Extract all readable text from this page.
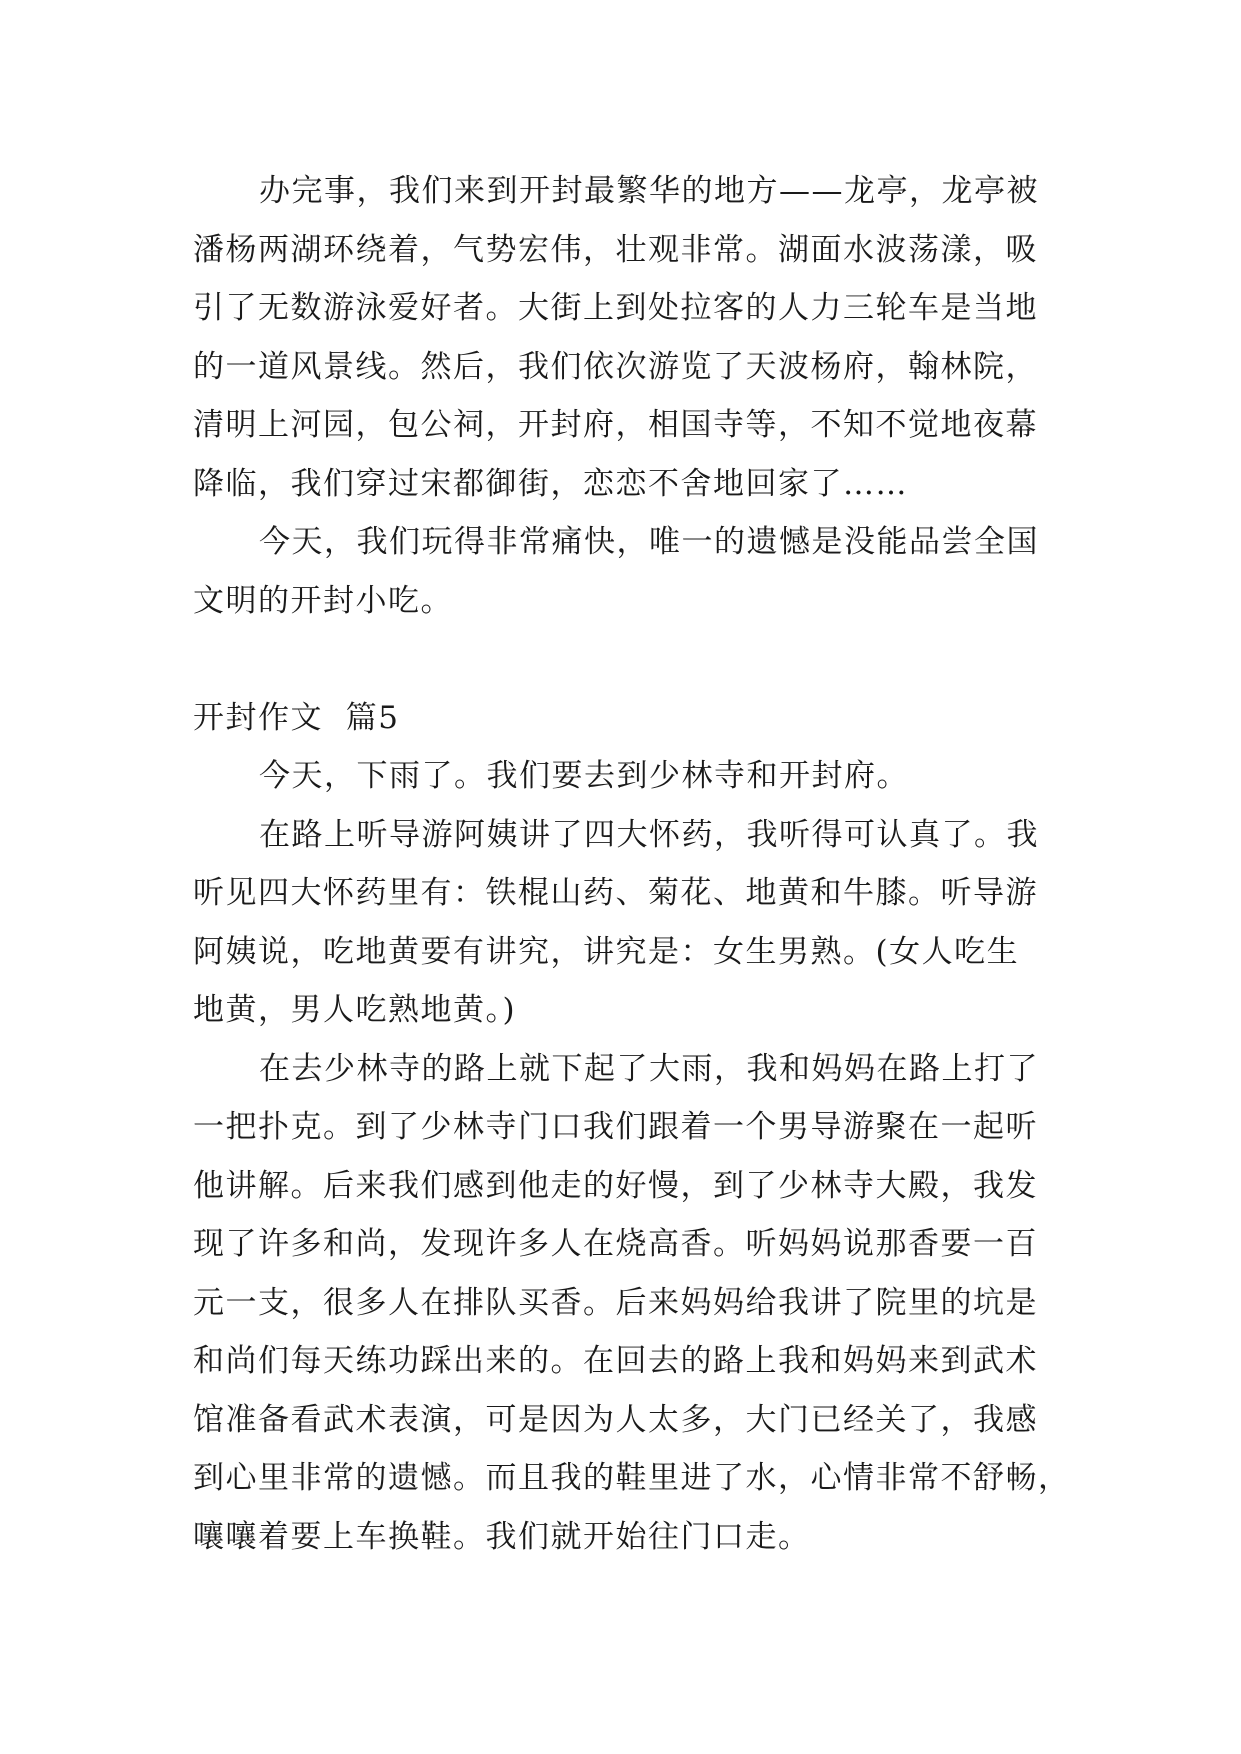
办完事，我们来到开封最繁华的地方——龙亭，龙亭被
潘杨两湖环绕着，气势宏伟，壮观非常。湖面水波荡漾，吸
引了无数游泳爱好者。大街上到处拉客的人力三轮车是当地
的一道风景线。然后，我们依次游览了天波杨府，翰林院，
清明上河园，包公祠，开封府，相国寺等，不知不觉地夜幕
降临，我们穿过宋都御街，恋恋不舍地回家了……
今天，我们玩得非常痛快，唯一的遗憾是没能品尝全国
文明的开封小吃。
开封作文  篇5
今天，下雨了。我们要去到少林寺和开封府。
在路上听导游阿姨讲了四大怀药，我听得可认真了。我
听见四大怀药里有：铁棍山药、菊花、地黄和牛膝。听导游
阿姨说，吃地黄要有讲究，讲究是：女生男熟。(女人吃生
地黄，男人吃熟地黄。)
在去少林寺的路上就下起了大雨，我和妈妈在路上打了
一把扑克。到了少林寺门口我们跟着一个男导游聚在一起听
他讲解。后来我们感到他走的好慢，到了少林寺大殿，我发
现了许多和尚，发现许多人在烧高香。听妈妈说那香要一百
元一支，很多人在排队买香。后来妈妈给我讲了院里的坑是
和尚们每天练功踩出来的。在回去的路上我和妈妈来到武术
馆准备看武术表演，可是因为人太多，大门已经关了，我感
到心里非常的遗憾。而且我的鞋里进了水，心情非常不舒畅，
嚷嚷着要上车换鞋。我们就开始往门口走。
